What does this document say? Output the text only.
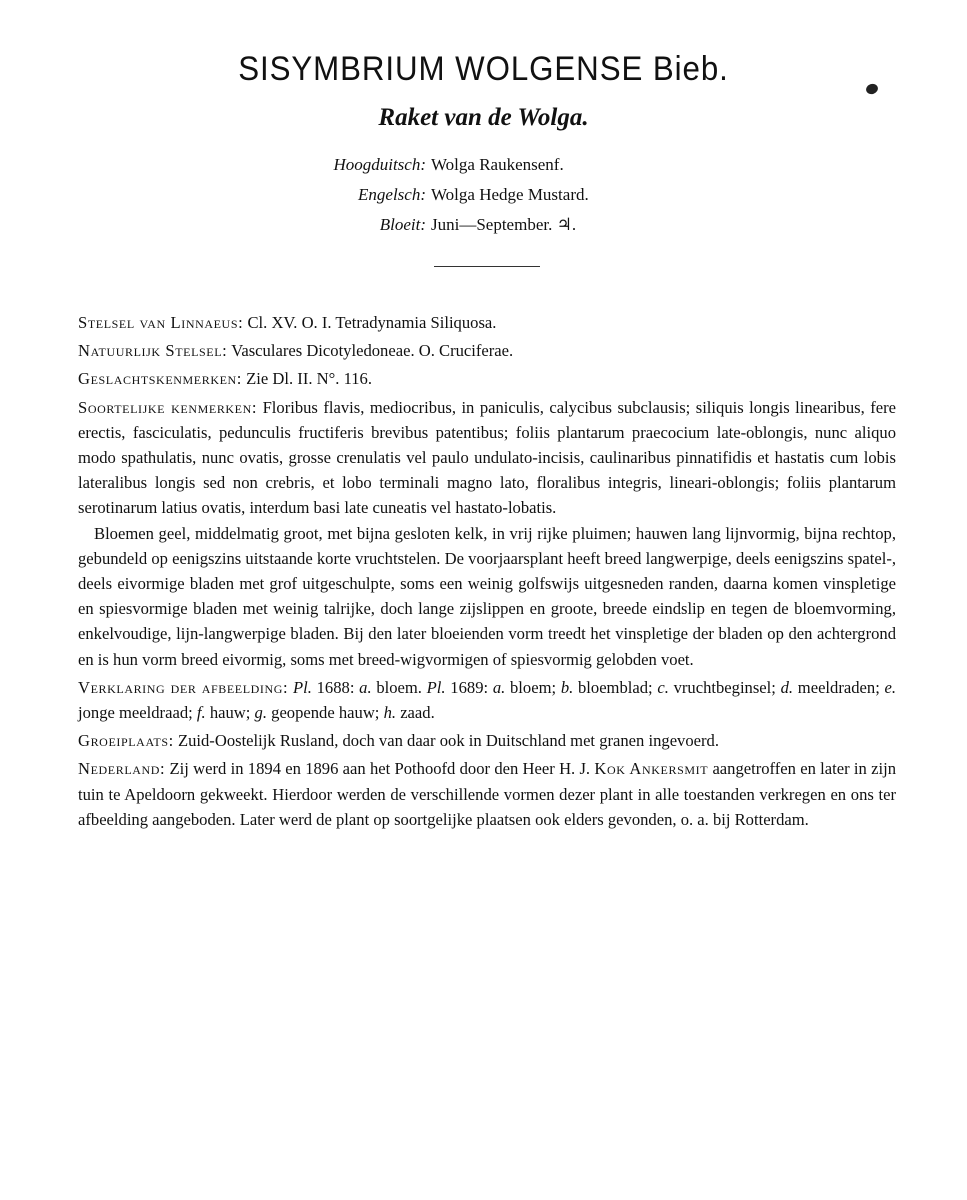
SISYMBRIUM WOLGENSE Bieb.
Raket van de Wolga.
Hoogduitsch: Wolga Raukensenf.
Engelsch: Wolga Hedge Mustard.
Bloeit: Juni—September. ♃.

Stelsel van Linnaeus: Cl. XV. O. I. Tetradynamia Siliquosa.

Natuurlijk Stelsel: Vasculares Dicotyledoneae. O. Cruciferae.

Geslachtskenmerken: Zie Dl. II. N°. 116.

Soortelijke kenmerken: Floribus flavis, mediocribus, in paniculis, calycibus subclausis; siliquis longis linearibus, fere erectis, fasciculatis, pedunculis fructiferis brevibus patentibus; foliis plantarum praecocium late-oblongis, nunc aliquo modo spathulatis, nunc ovatis, grosse crenulatis vel paulo undulato-incisis, caulinaribus pinnatifidis et hastatis cum lobis lateralibus longis sed non crebris, et lobo terminali magno lato, floralibus integris, lineari-oblongis; foliis plantarum serotinarum latius ovatis, interdum basi late cuneatis vel hastato-lobatis.

Bloemen geel, middelmatig groot, met bijna gesloten kelk, in vrij rijke pluimen; hauwen lang lijnvormig, bijna rechtop, gebundeld op eenigszins uitstaande korte vruchtstelen. De voorjaarsplant heeft breed langwerpige, deels eenigszins spatel-, deels eivormige bladen met grof uitgeschulpte, soms een weinig golfswijs uitgesneden randen, daarna komen vinspletige en spiesvormige bladen met weinig talrijke, doch lange zijslippen en groote, breede eindslip en tegen de bloemvorming, enkelvoudige, lijn-langwerpige bladen. Bij den later bloeienden vorm treedt het vinspletige der bladen op den achtergrond en is hun vorm breed eivormig, soms met breed-wigvormigen of spiesvormig gelobden voet.

Verklaring der afbeelding: Pl. 1688: a. bloem. Pl. 1689: a. bloem; b. bloemblad; c. vruchtbeginsel; d. meeldraden; e. jonge meeldraad; f. hauw; g. geopende hauw; h. zaad.

Groeiplaats: Zuid-Oostelijk Rusland, doch van daar ook in Duitschland met granen ingevoerd.

Nederland: Zij werd in 1894 en 1896 aan het Pothoofd door den Heer H. J. Kok Ankersmit aangetroffen en later in zijn tuin te Apeldoorn gekweekt. Hierdoor werden de verschillende vormen dezer plant in alle toestanden verkregen en ons ter afbeelding aangeboden. Later werd de plant op soortgelijke plaatsen ook elders gevonden, o. a. bij Rotterdam.
